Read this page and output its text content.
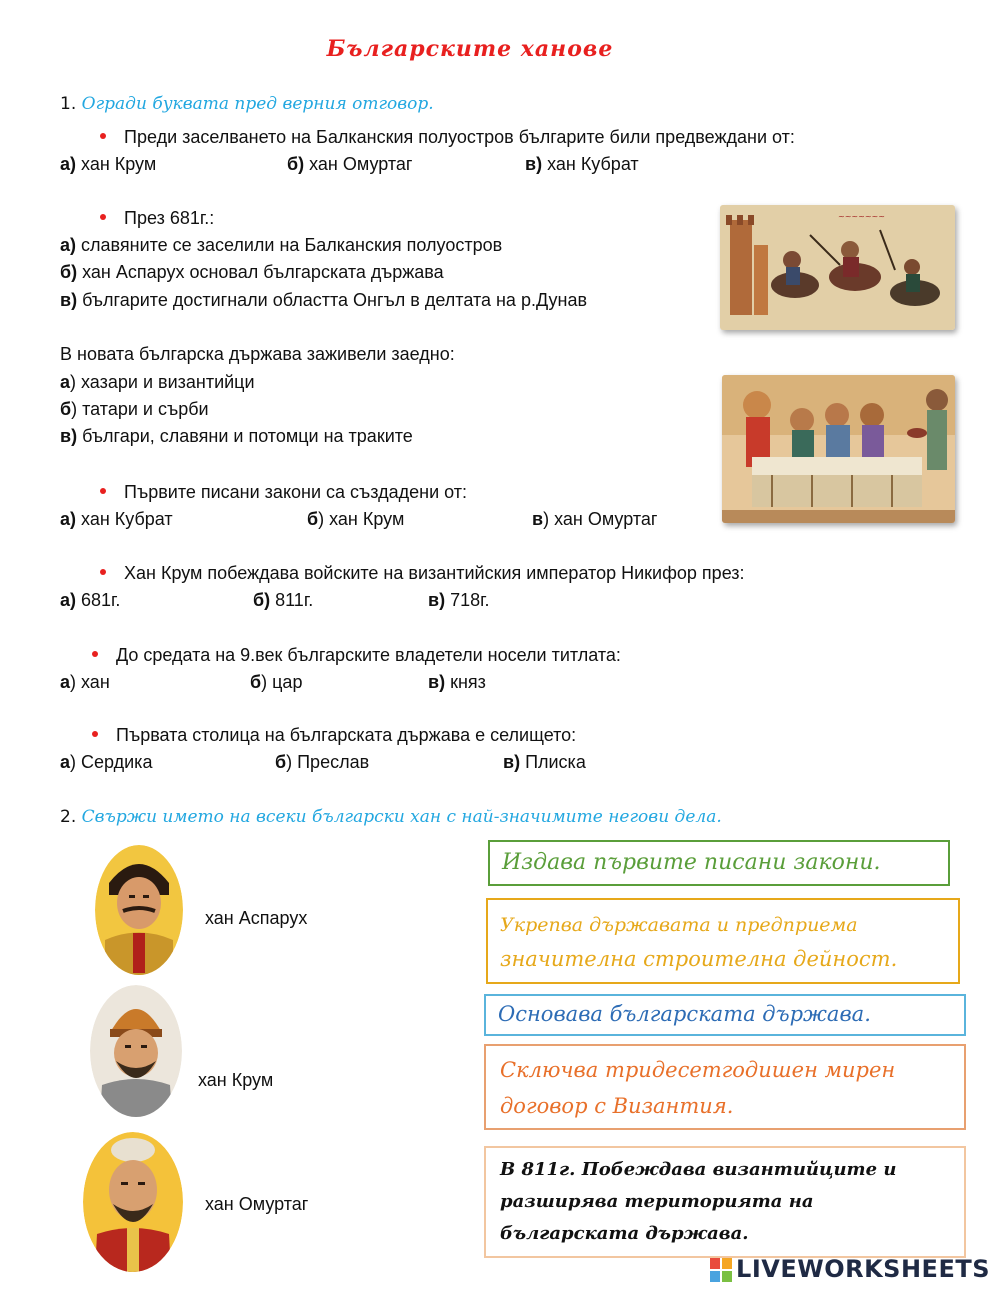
Българските ханове
1. Огради буквата пред верния отговор.
Преди заселването на Балканския полуостров българите били предвеждани от:
а) хан Крум	б) хан Омуртаг	в) хан Кубрат
През 681г.:
а) славяните се заселили на Балканския полуостров
б) хан Аспарух основал българската държава
в) българите достигнали областта Онгъл в делтата на р.Дунав
В новата българска държава заживели заедно:
а) хазари и византийци
б) татари и сърби
в) българи, славяни и потомци на траките
Първите писани закони са създадени от:
а) хан Кубрат	б) хан Крум	в) хан Омуртаг
Хан Крум побеждава войските на византийския император Никифор през:
а) 681г.	б) 811г.	в) 718г.
До средата на 9.век българските владетели носели титлата:
а) хан	б) цар	в) княз
Първата столица на българската държава е селището:
а) Сердика	б) Преслав	в) Плиска
~~~~~~~
2. Свържи името на всеки български хан с най-значимите негови дела.
хан Аспарух
хан Крум
хан Омуртаг
Издава първите писани закони.
Укрепва държавата и предприема
значителна строителна дейност.
Основава българската държава.
Сключва тридесетгодишен мирен
договор с Византия.
В 811г. Побеждава византийците и
разширява територията на
българската държава.
LIVEWORKSHEETS
